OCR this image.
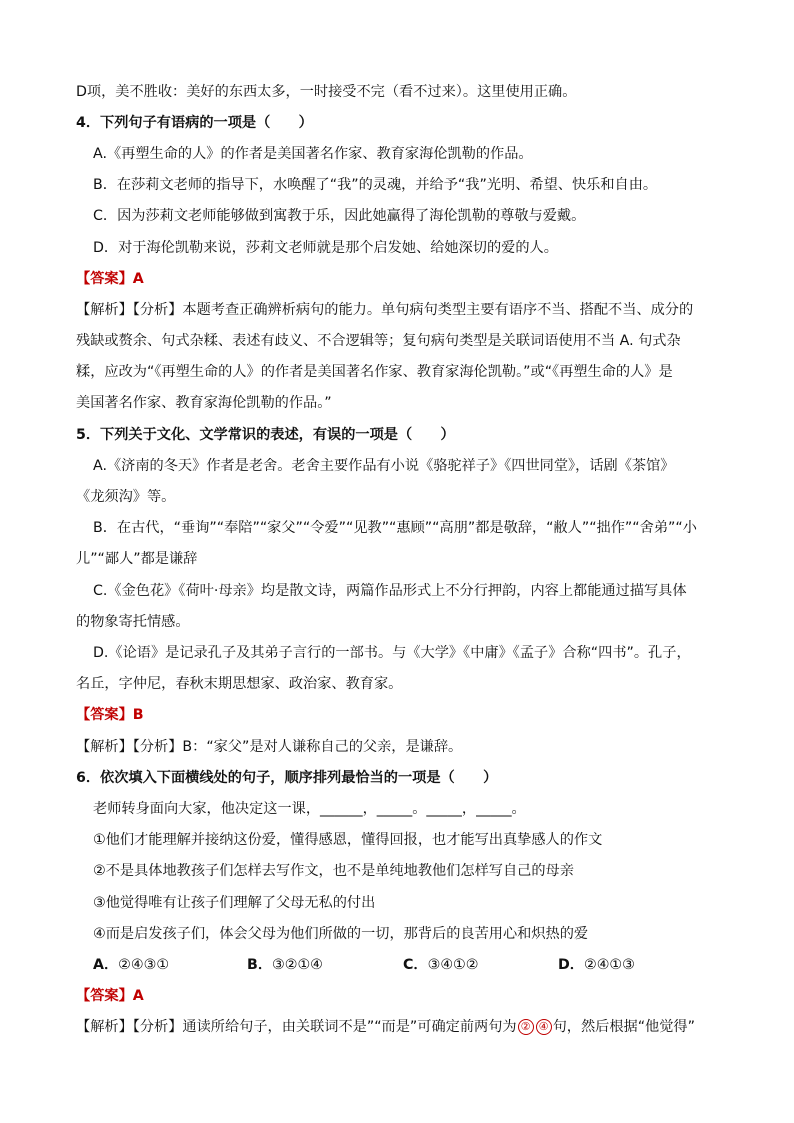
D项，美不胜收：美好的东西太多，一时接受不完（看不过来）。这里使用正确。
4．下列句子有语病的一项是（　　）
A.《再塑生命的人》的作者是美国著名作家、教育家海伦凯勒的作品。
B．在莎莉文老师的指导下，水唤醒了“我”的灵魂，并给予“我”光明、希望、快乐和自由。
C．因为莎莉文老师能够做到寓教于乐，因此她赢得了海伦凯勒的尊敬与爱戴。
D．对于海伦凯勒来说，莎莉文老师就是那个启发她、给她深切的爱的人。
【答案】A
【解析】【分析】本题考查正确辨析病句的能力。单句病句类型主要有语序不当、搭配不当、成分的
残缺或赘余、句式杂糅、表述有歧义、不合逻辑等；复句病句类型是关联词语使用不当 A. 句式杂
糅，应改为“《再塑生命的人》的作者是美国著名作家、教育家海伦凯勒。”或“《再塑生命的人》是
美国著名作家、教育家海伦凯勒的作品。”
5．下列关于文化、文学常识的表述，有误的一项是（　　）
A.《济南的冬天》作者是老舍。老舍主要作品有小说《骆驼祥子》《四世同堂》，话剧《茶馆》
《龙须沟》等。
B．在古代，“垂询”“奉陪”“家父”“令爱”“见教”“惠顾”“高朋”都是敬辞，“敝人”“拙作”“舍弟”“小
儿”“鄙人”都是谦辞
C.《金色花》《荷叶·母亲》均是散文诗，两篇作品形式上不分行押韵，内容上都能通过描写具体
的物象寄托情感。
D.《论语》是记录孔子及其弟子言行的一部书。与《大学》《中庸》《孟子》合称“四书”。孔子，
名丘，字仲尼，春秋末期思想家、政治家、教育家。
【答案】B
【解析】【分析】B：“家父”是对人谦称自己的父亲，是谦辞。
6．依次填入下面横线处的句子，顺序排列最恰当的一项是（　　）
老师转身面向大家，他决定这一课，______，_____。_____，_____。
①他们才能理解并接纳这份爱，懂得感恩，懂得回报，也才能写出真挚感人的作文
②不是具体地教孩子们怎样去写作文，也不是单纯地教他们怎样写自己的母亲
③他觉得唯有让孩子们理解了父母无私的付出
④而是启发孩子们，体会父母为他们所做的一切，那背后的良苦用心和炽热的爱
A．②④③①	B．③②①④	C．③④①②	D．②④①③
【答案】A
【解析】【分析】通读所给句子，由关联词不是”“而是”可确定前两句为 ② ④ 句，然后根据“他觉得”
